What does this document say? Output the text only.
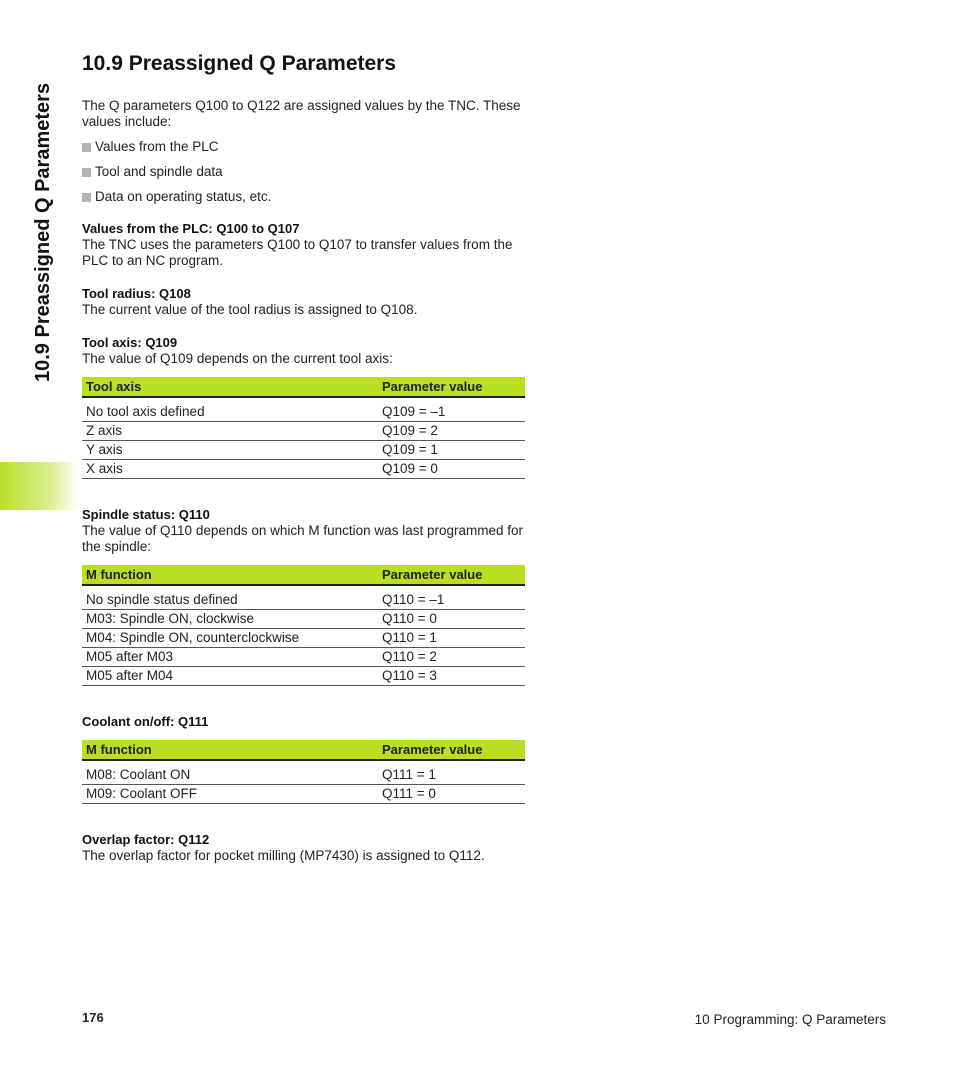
10.9 Preassigned Q Parameters
10.9 Preassigned Q Parameters

The Q parameters Q100 to Q122 are assigned values by the TNC. These values include:

Values from the PLC
Tool and spindle data
Data on operating status, etc.
Values from the PLC: Q100 to Q107

The TNC uses the parameters Q100 to Q107 to transfer values from the PLC to an NC program.

Tool radius: Q108

The current value of the tool radius is assigned to Q108.

Tool axis: Q109

The value of Q109 depends on the current tool axis:

Tool axis	Parameter value
No tool axis defined	Q109 = –1
Z axis	Q109 = 2
Y axis	Q109 = 1
X axis	Q109 = 0
Spindle status: Q110

The value of Q110 depends on which M function was last programmed for the spindle:

M function	Parameter value
No spindle status defined	Q110 = –1
M03: Spindle ON, clockwise	Q110 = 0
M04: Spindle ON, counterclockwise	Q110 = 1
M05 after M03	Q110 = 2
M05 after M04	Q110 = 3
Coolant on/off: Q111
M function	Parameter value
M08: Coolant ON	Q111 = 1
M09: Coolant OFF	Q111 = 0
Overlap factor: Q112

The overlap factor for pocket milling (MP7430) is assigned to Q112.

176	10 Programming: Q Parameters
